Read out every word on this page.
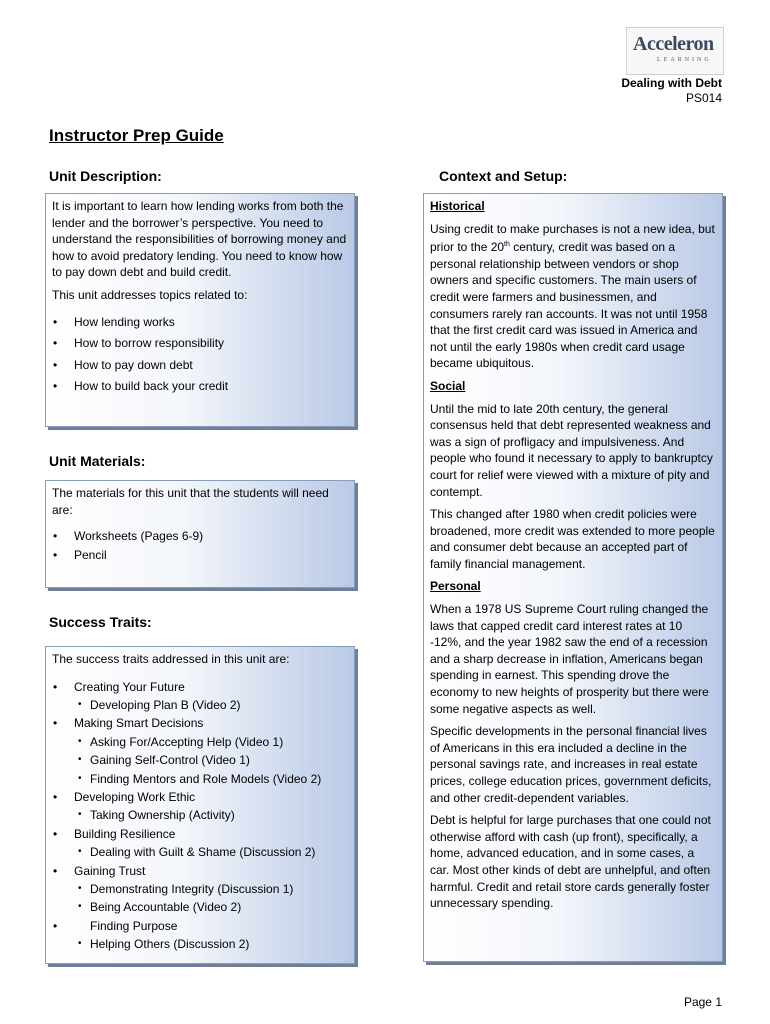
Acceleron
LEARNING
Dealing with Debt
PS014
Instructor Prep Guide
Unit Description:

It is important to learn how lending works from both the lender and the borrower’s perspective. You need to understand the responsibilities of borrowing money and how to avoid predatory lending. You need to know how to pay down debt and build credit.

This unit addresses topics related to:

• How lending works
• How to borrow responsibility
• How to pay down debt
• How to build back your credit
Unit Materials:

The materials for this unit that the students will need are:

• Worksheets (Pages 6-9)
• Pencil
Success Traits:

The success traits addressed in this unit are:

• Creating Your Future
• Developing Plan B (Video 2)
• Making Smart Decisions
• Asking For/Accepting Help (Video 1)
• Gaining Self-Control (Video 1)
• Finding Mentors and Role Models (Video 2)
• Developing Work Ethic
• Taking Ownership (Activity)
• Building Resilience
• Dealing with Guilt & Shame (Discussion 2)
• Gaining Trust
• Demonstrating Integrity (Discussion 1)
• Being Accountable (Video 2)
• Finding Purpose
• Helping Others (Discussion 2)
Context and Setup:
Historical

Using credit to make purchases is not a new idea, but prior to the 20th century, credit was based on a personal relationship between vendors or shop owners and specific customers. The main users of credit were farmers and businessmen, and consumers rarely ran accounts. It was not until 1958 that the first credit card was issued in America and not until the early 1980s when credit card usage became ubiquitous.

Social

Until the mid to late 20th century, the general consensus held that debt represented weakness and was a sign of profligacy and impulsiveness. And people who found it necessary to apply to bankruptcy court for relief were viewed with a mixture of pity and contempt.

This changed after 1980 when credit policies were broadened, more credit was extended to more people and consumer debt because an accepted part of family financial management.

Personal

When a 1978 US Supreme Court ruling changed the laws that capped credit card interest rates at 10 -12%, and the year 1982 saw the end of a recession and a sharp decrease in inflation, Americans began spending in earnest. This spending drove the economy to new heights of prosperity but there were some negative aspects as well.

Specific developments in the personal financial lives of Americans in this era included a decline in the personal savings rate, and increases in real estate prices, college education prices, government deficits, and other credit-dependent variables.

Debt is helpful for large purchases that one could not otherwise afford with cash (up front), specifically, a home, advanced education, and in some cases, a car. Most other kinds of debt are unhelpful, and often harmful. Credit and retail store cards generally foster unnecessary spending.

Page 1
